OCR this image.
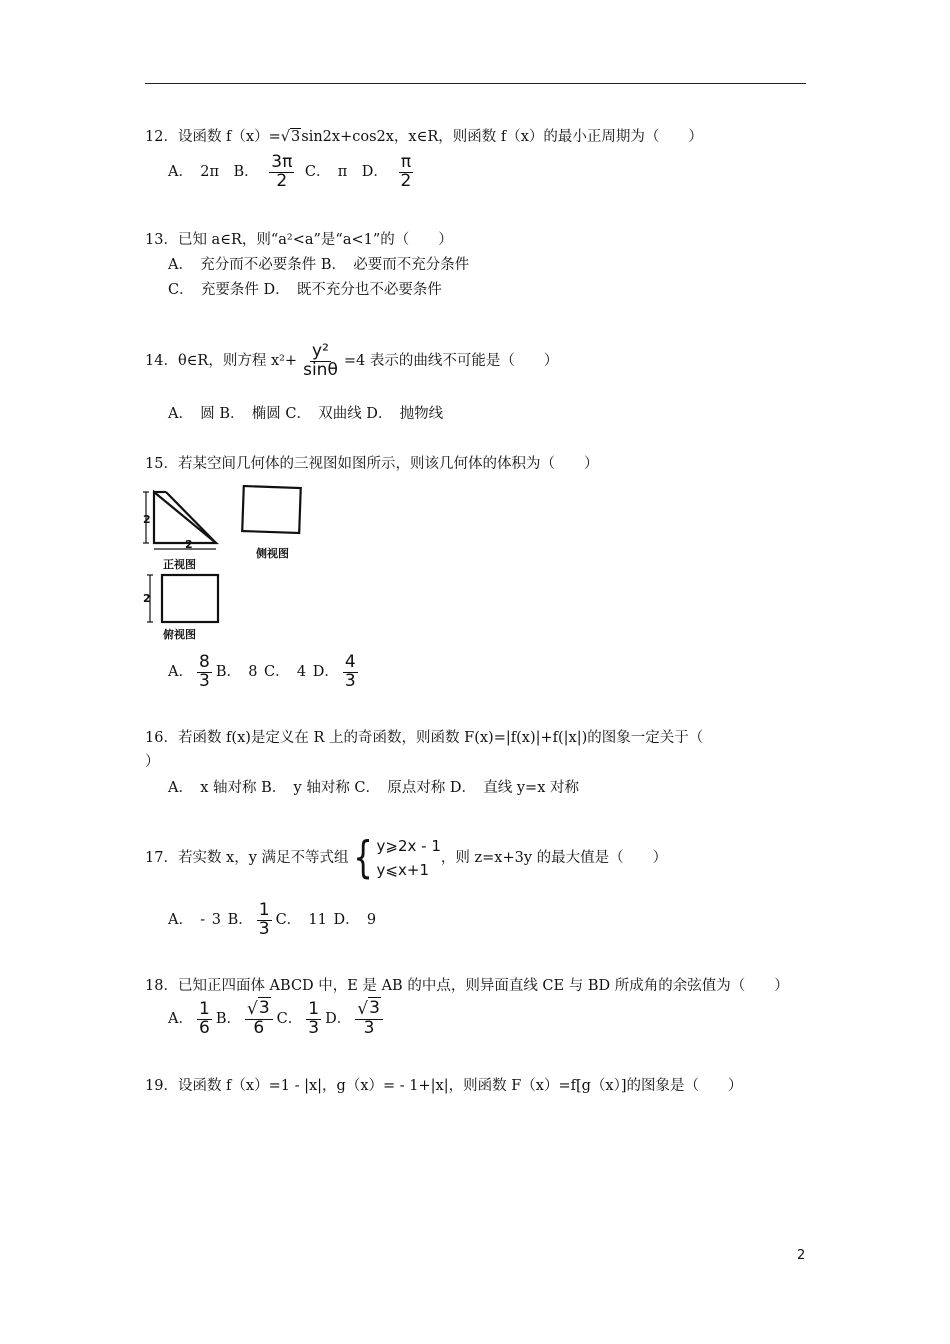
12．设函数 f（x）=√3sin2x+cos2x，x∈R，则函数 f（x）的最小正周期为（　　）
A．　2π　B． $\frac{3\pi}{2}$ C．　π　D． $\frac{\pi}{2}$
13．已知 a∈R，则“a²<a”是“a<1”的（　　）
A．　充分而不必要条件 B．　必要而不充分条件
C．　充要条件 D．　既不充分也不必要条件
14．θ∈R，则方程 $x^2+ \frac{\text{y²}}{\sin\theta} =4$ 表示的曲线不可能是（　　）
A．　圆 B．　椭圆 C．　双曲线 D．　抛物线
15．若某空间几何体的三视图如图所示，则该几何体的体积为（　　）
2
2
正视图
侧视图
2
俯视图
A． $\frac{8}{3}$ B．　8 C．　4 D． $\frac{4}{3}$
16．若函数 f(x)是定义在 R 上的奇函数，则函数 F(x)=|f(x)|+f(|x|)的图象一定关于（
）
A．　x 轴对称 B．　y 轴对称 C．　原点对称 D．　直线 y=x 对称
17．若实数 x，y 满足不等式组 { y⩾2x - 1
y⩽x+1
，则 z=x+3y 的最大值是（　　）
A．　- 3 B． $\frac{1}{3}$ C．　11 D．　9
18．已知正四面体 ABCD 中，E 是 AB 的中点，则异面直线 CE 与 BD 所成角的余弦值为（　　）
A． $\frac{1}{6}$ B． $\frac{√3}{6}$ C． $\frac{1}{3}$ D． $\frac{√3}{3}$
19．设函数 f（x）=1 - |x|，g（x）= - 1+|x|，则函数 F（x）=f[g（x）]的图象是（　　）
2
